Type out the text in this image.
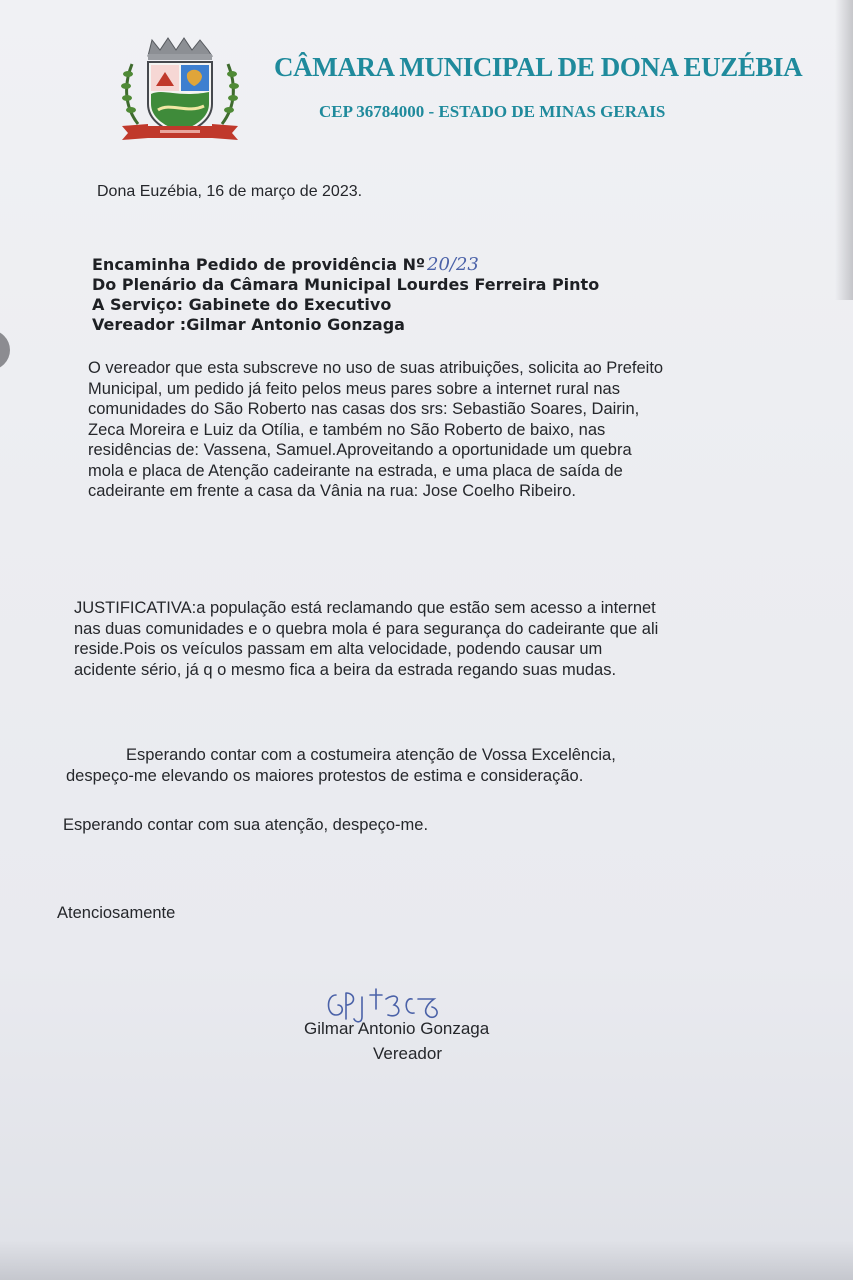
CÂMARA MUNICIPAL DE DONA EUZÉBIA
CEP 36784000 - ESTADO DE MINAS GERAIS
Dona Euzébia, 16 de março de 2023.
Encaminha Pedido de providência Nº 20/23
Do Plenário da Câmara Municipal Lourdes Ferreira Pinto
A Serviço: Gabinete do Executivo
Vereador :Gilmar Antonio Gonzaga
O vereador que esta subscreve no uso de suas atribuições, solicita ao Prefeito
Municipal, um pedido já feito pelos meus pares sobre a internet rural nas
comunidades do São Roberto nas casas dos srs: Sebastião Soares, Dairin,
Zeca Moreira e Luiz da Otília, e também no São Roberto de baixo, nas
residências de: Vassena, Samuel.Aproveitando a oportunidade um quebra
mola e placa de Atenção cadeirante na estrada, e uma placa de saída de
cadeirante em frente a casa da Vânia na rua: Jose Coelho Ribeiro.
JUSTIFICATIVA:a população está reclamando que estão sem acesso a internet
nas duas comunidades e o quebra mola é para segurança do cadeirante que ali
reside.Pois os veículos passam em alta velocidade, podendo causar um
acidente sério, já q o mesmo fica a beira da estrada regando suas mudas.
Esperando contar com a costumeira atenção de Vossa Excelência,
despeço-me elevando os maiores protestos de estima e consideração.
Esperando contar com sua atenção, despeço-me.
Atenciosamente
Gilmar Antonio Gonzaga
Vereador
